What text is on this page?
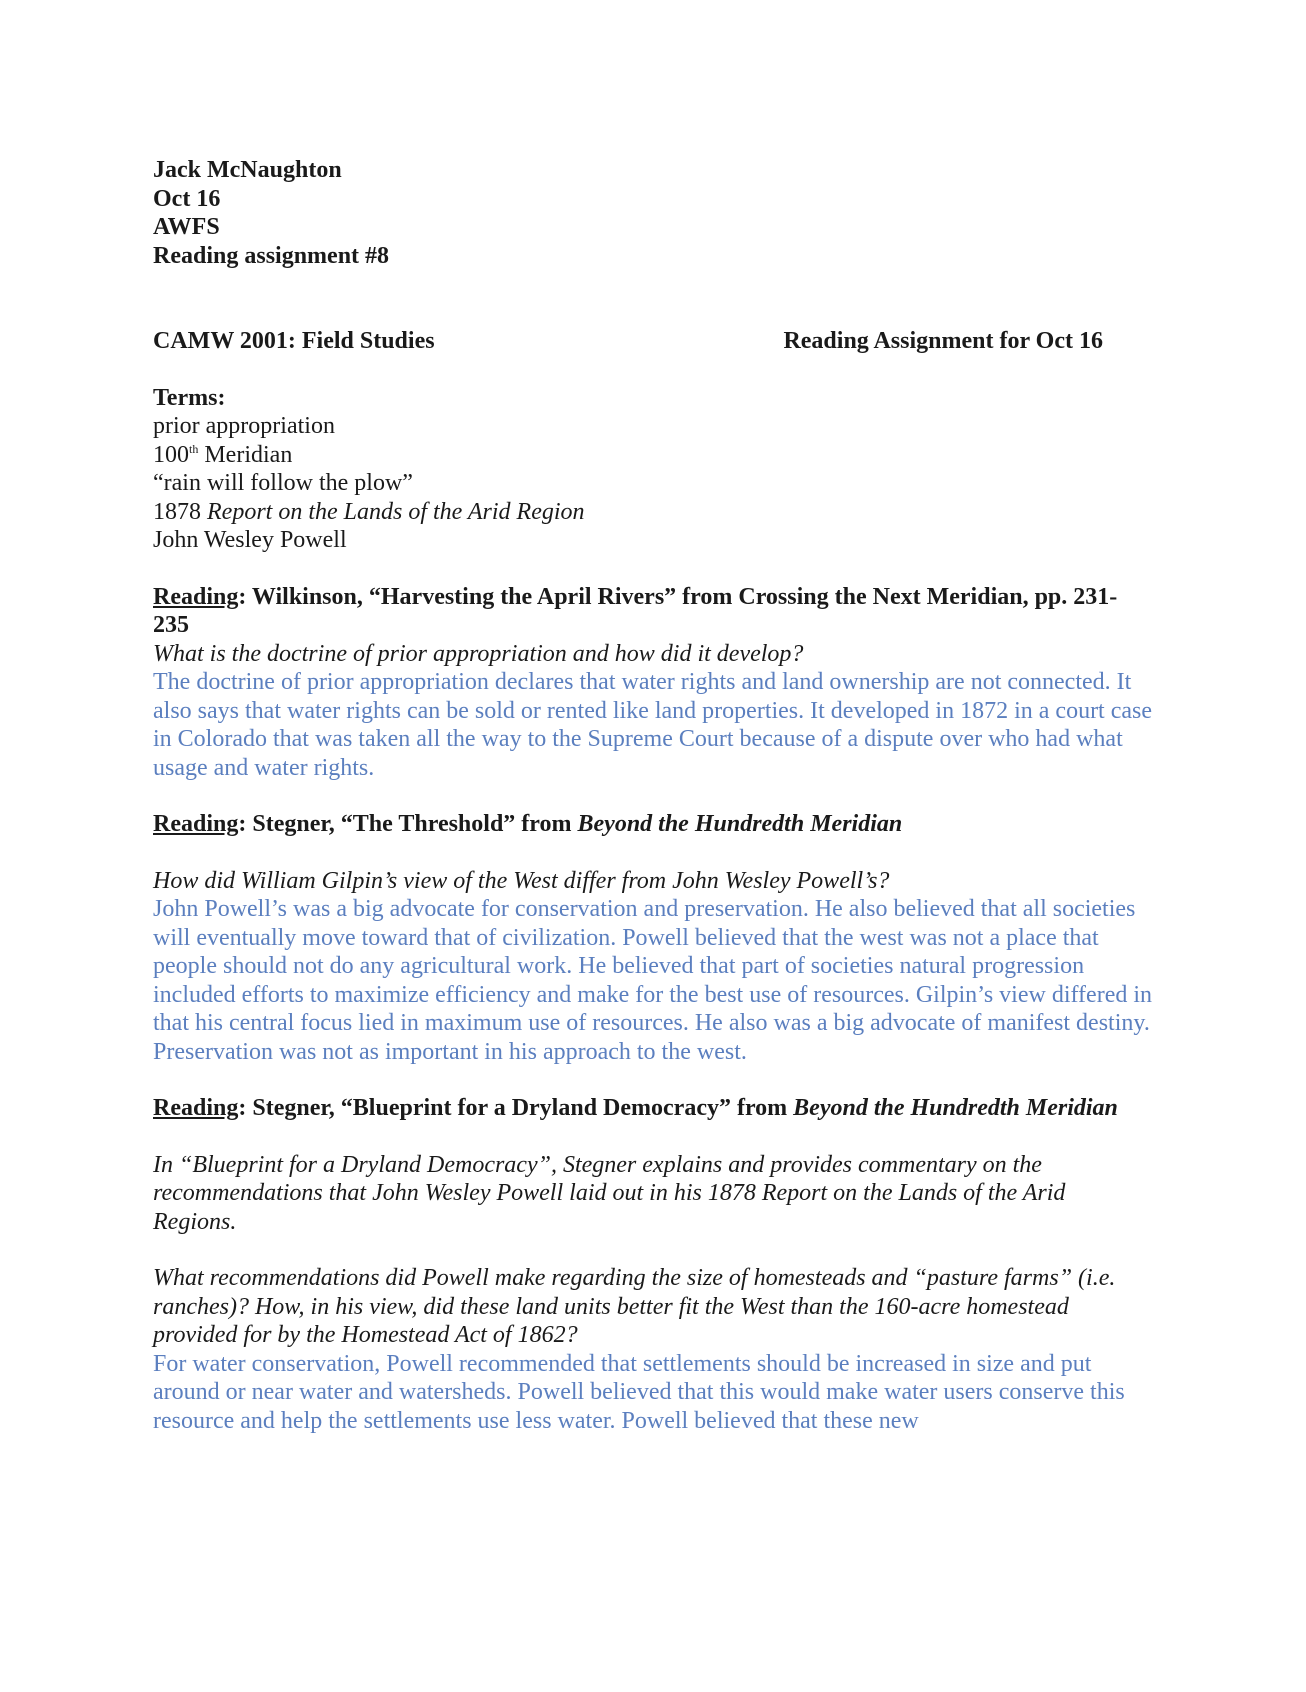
Jack McNaughton

Oct 16

AWFS

Reading assignment #8

CAMW 2001: Field Studies	Reading Assignment for Oct 16

Terms:

prior appropriation

100th Meridian

“rain will follow the plow”

1878 Report on the Lands of the Arid Region

John Wesley Powell

Reading: Wilkinson, “Harvesting the April Rivers” from Crossing the Next Meridian, pp. 231-235

What is the doctrine of prior appropriation and how did it develop?

The doctrine of prior appropriation declares that water rights and land ownership are not connected. It also says that water rights can be sold or rented like land properties. It developed in 1872 in a court case in Colorado that was taken all the way to the Supreme Court because of a dispute over who had what usage and water rights.

Reading: Stegner, “The Threshold” from Beyond the Hundredth Meridian

How did William Gilpin’s view of the West differ from John Wesley Powell’s?

John Powell’s was a big advocate for conservation and preservation. He also believed that all societies will eventually move toward that of civilization. Powell believed that the west was not a place that people should not do any agricultural work. He believed that part of societies natural progression included efforts to maximize efficiency and make for the best use of resources. Gilpin’s view differed in that his central focus lied in maximum use of resources. He also was a big advocate of manifest destiny. Preservation was not as important in his approach to the west.

Reading: Stegner, “Blueprint for a Dryland Democracy” from Beyond the Hundredth Meridian

In “Blueprint for a Dryland Democracy”, Stegner explains and provides commentary on the recommendations that John Wesley Powell laid out in his 1878 Report on the Lands of the Arid Regions.

What recommendations did Powell make regarding the size of homesteads and “pasture farms” (i.e. ranches)? How, in his view, did these land units better fit the West than the 160-acre homestead provided for by the Homestead Act of 1862?

For water conservation, Powell recommended that settlements should be increased in size and put around or near water and watersheds. Powell believed that this would make water users conserve this resource and help the settlements use less water. Powell believed that these new
